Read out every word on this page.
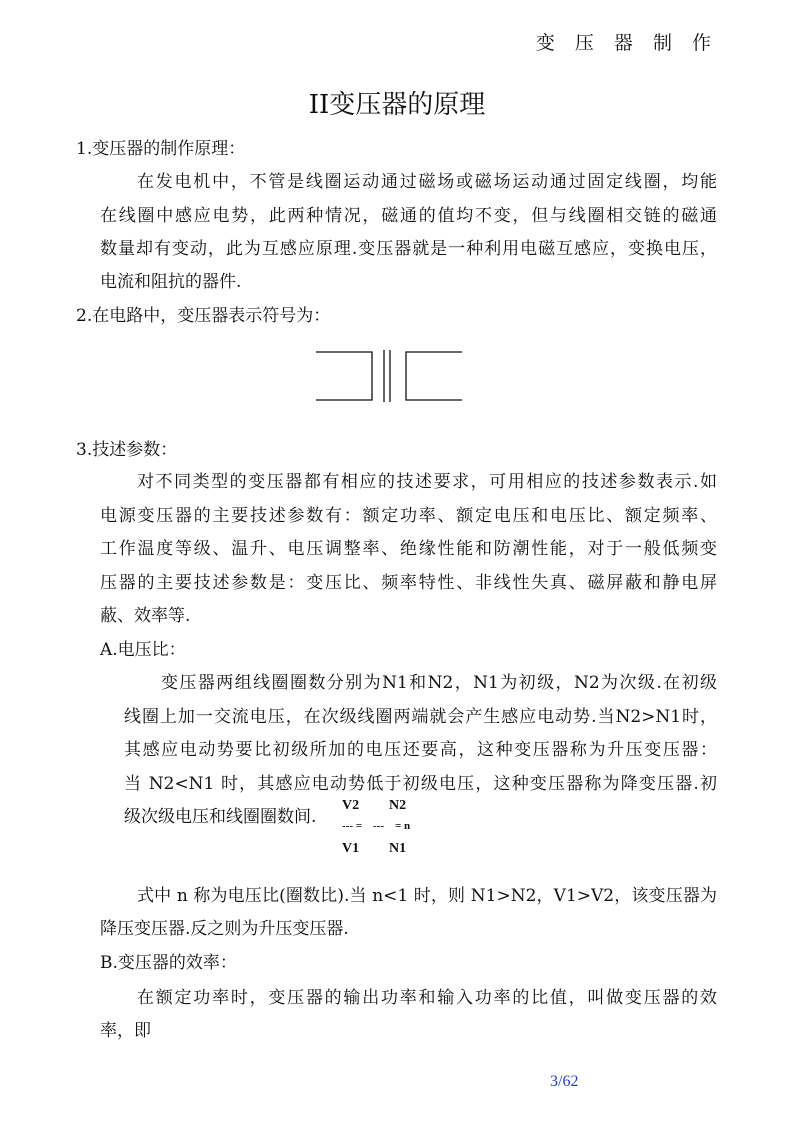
变 压 器 制 作
II变压器的原理
1.变压器的制作原理：
在发电机中，不管是线圈运动通过磁场或磁场运动通过固定线圈，均能
在线圈中感应电势，此两种情况，磁通的值均不变，但与线圈相交链的磁通
数量却有变动，此为互感应原理.变压器就是一种利用电磁互感应，变换电压，
电流和阻抗的器件.
2.在电路中，变压器表示符号为：
3.技述参数：
对不同类型的变压器都有相应的技述要求，可用相应的技述参数表示.如
电源变压器的主要技述参数有：额定功率、额定电压和电压比、额定频率、
工作温度等级、温升、电压调整率、绝缘性能和防潮性能，对于一般低频变
压器的主要技述参数是：变压比、频率特性、非线性失真、磁屏蔽和静电屏
蔽、效率等.
A.电压比：
变压器两组线圈圈数分别为N1和N2，N1为初级，N2为次级.在初级
线圈上加一交流电压，在次级线圈两端就会产生感应电动势.当N2>N1时，
其感应电动势要比初级所加的电压还要高，这种变压器称为升压变压器：
当 N2<N1 时，其感应电动势低于初级电压，这种变压器称为降变压器.初
级次级电压和线圈圈数间.
V2 N2
--- =    ---    = n
V1 N1
式中 n 称为电压比(圈数比).当 n<1 时，则 N1>N2，V1>V2，该变压器为
降压变压器.反之则为升压变压器.
B.变压器的效率：
在额定功率时，变压器的输出功率和输入功率的比值，叫做变压器的效
率，即
3/62
